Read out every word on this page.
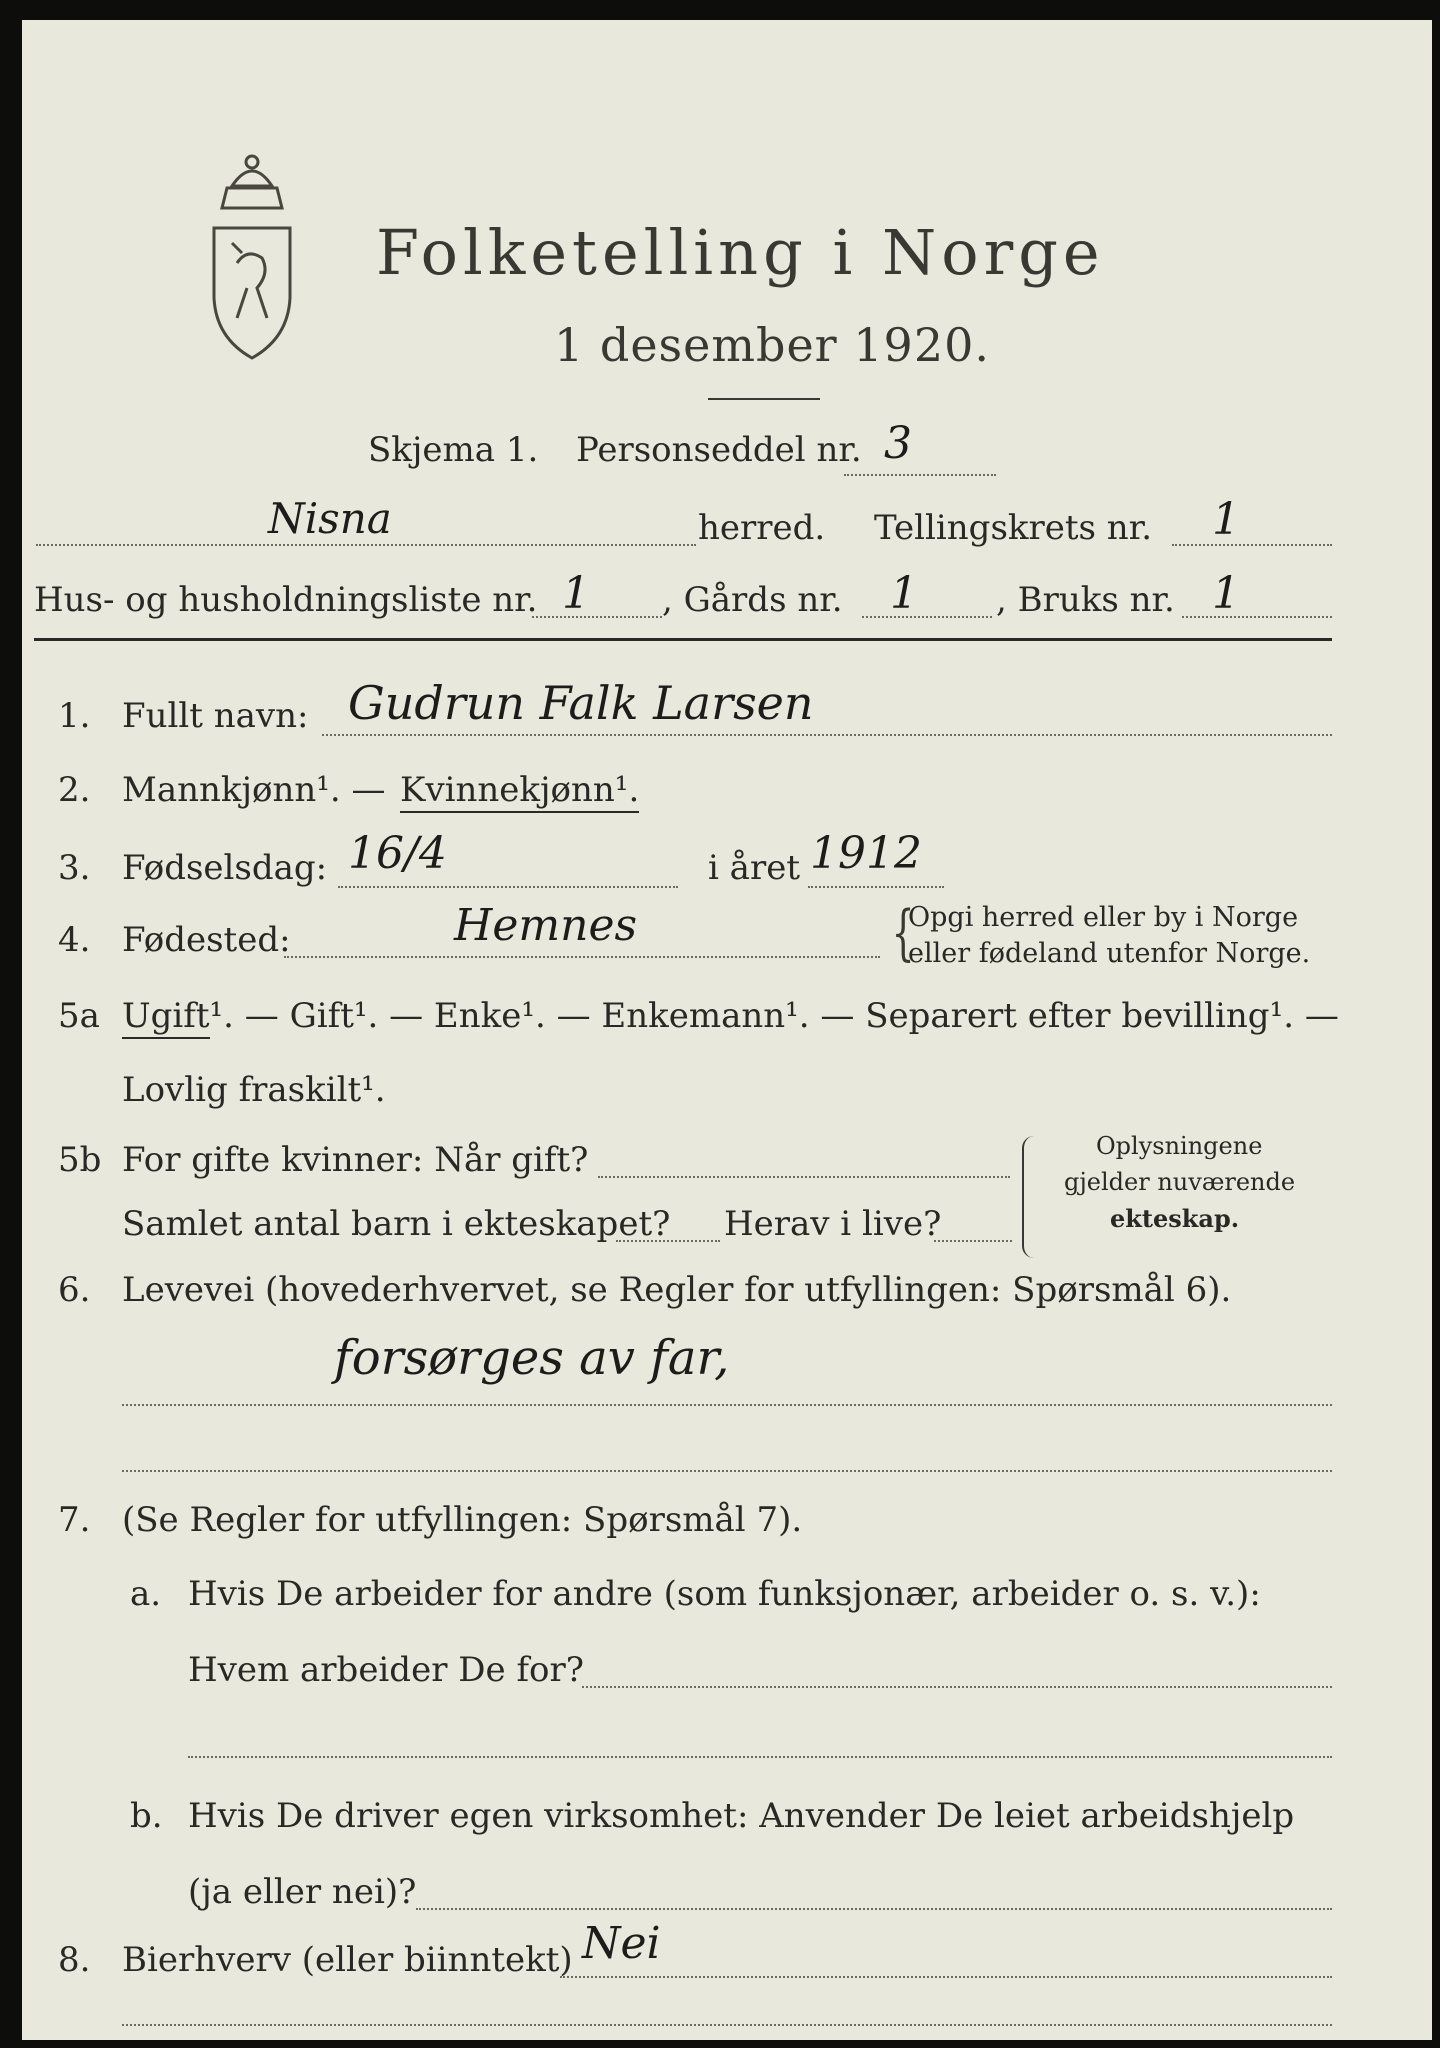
Folketelling i Norge
1 desember 1920.
Skjema 1. Personseddel nr. 3
Nisna	herred. Tellingskrets nr. 1
Hus- og husholdningsliste nr. 1 , Gårds nr. 1 , Bruks nr. 1
1. Fullt navn: Gudrun Falk Larsen
2. Mannkjønn¹. — Kvinnekjønn¹.
3. Fødselsdag: 16/4	i året 1912
4. Fødested:	Hemnes	{
Opgi herred eller by i Norge
eller fødeland utenfor Norge.
5a Ugift¹. — Gift¹. — Enke¹. — Enkemann¹. — Separert efter bevilling¹. —
Lovlig fraskilt¹.
5b For gifte kvinner: Når gift?
Samlet antal barn i ekteskapet? Herav i live?
Oplysningene
gjelder nuværende
ekteskap.
6. Levevei (hovederhvervet, se Regler for utfyllingen: Spørsmål 6).
forsørges av far,
7. (Se Regler for utfyllingen: Spørsmål 7).
a. Hvis De arbeider for andre (som funksjonær, arbeider o. s. v.):
Hvem arbeider De for?
b. Hvis De driver egen virksomhet: Anvender De leiet arbeidshjelp
(ja eller nei)?
8. Bierhverv (eller biinntekt) Nei
